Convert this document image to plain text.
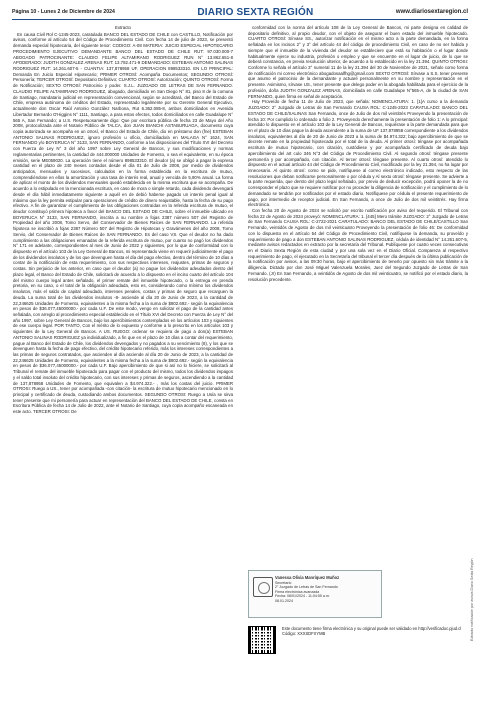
Página 10 - Lunes 2 de Diciembre de 2024	DIARIO SEXTA REGIÓN	www.diariosextaregion.cl

Extracto

En causa Civil Rol C-1245-2023, caratulada BANCO DEL ESTADO DE CHILE con CASTILLO, Notificación por avisos, conforme al artículo 54 del Código de Procedimiento Civil. Con fecha 14 de julio de 2023, se presentó demanda especial hipotecaria, del siguiente tenor: CODIGO: A-08 MATERIA: JUICIO ESPECIAL HIPOTECARIO PROCEDIMIENTO EJECUTIVO DEMANDANTE BANCO DEL ESTADO DE CHILE RUT: 97.030.000-7 ABOGADO PATROCINANTE: CLAUDIO FELIPE ALTAMIRANO RODRIGUEZ RUN N° 13.862.651-8 APODERADO: JUDITH GONZALEZ ARENAS RUT: 13.782.471-9 DEMANDADO: ESTEBAN ANTONIO SALINAS RODRIGUEZ RUT: 14.261.607-5 - CUANTIA: 137,878958 UF. OPERACION 898533310. EN LO PRINCIPAL: Demanda En Juicio Especial Hipotecario; PRIMER OTROSÍ: Acompaña Documentos; SEGUNDO OTROSÍ: Personería; TERCER OTROSÍ: Depositario Definitivo; CUARTO OTROSÍ: Autorización; QUINTO OTROSÍ: Forma de Notificación; SEXTO OTROSÍ: Patrocinio y poder. S.J.L. JUZGADO DE LETRAS DE SAN FERNANDO. CLAUDIO FELIPE ALTAMIRANO RODRIGUEZ, abogado, domiciliado en San Diego N° 81, piso 8 de la comuna de Santiago, mandatario judicial en representación convencional, según se acreditará, del Banco del Estado de Chile, empresa autónoma de créditos del Estado, representado legalmente por su Gerente General Ejecutivo, actualmente don Oscar Raúl Antonio González Narbona, Rut 6.362.085-8, ambos domiciliados en Avenida Libertador Bernardo O'Higgins N° 1111, Santiago, a para estos efectos, todos domiciliados en calle Guadalupe N° 565 A, San Fernando; a U.S. Respetuosamente digo: Que por escritura pública de fecha 23 de Mayo del Año 2008, protocolizada ante el Notario Público de TALCA, don JUAN BIANCHI ASTABURUAGA, documento cuya copia autorizada se acompaña en un otrosí, el Banco del Estado de Chile, dio en préstamo don (fne) ESTEBAN ANTONIO SALINAS RODRIGUEZ, ignoro profesión u oficio, domiciliado/a en MALAGA N° 1624, SAN FERNANDO y/o BOYERUCA N° 3133, SAN FERNANDO, conforme a las disposiciones del Título XVI del Decreto con Fuerza de Ley N° 3 del año 1997 sobre Ley General de Bancos, y sus modificaciones y normas reglamentarias pertinentes, la cantidad de 444.000000 Unidades de Fomento, o sea el equivalente, en su época emisión, serie ME059020. La operación tiene el número 898533310. El deudor (a) se obligó a pagar la expresa cantidad en el plazo de 240 meses contados desde el día 01 de Julio de 2008, por medio de dividendos anticipados, mensuales y sucesivos, calculados en la forma establecida en la escritura de mutuo, comprendiéndose en ellos la amortización y una tasa de interés real, anual y vencida de 5,90% anual. La forma de aplicar el monto de los dividendos mensuales quedó establecida en la misma escritura que se acompaña. De acuerdo a lo estipulado en la mencionada escritura, en caso de mora o simple retardo, cada dividendo devengará desde el día hábil inmediatamente siguiente a aquél en de debió haberse pagado un interés penal igual al máximo que la ley permita estipular para operaciones de crédito de dinero reajustable, hasta la fecha de su pago efectivo. A fin de garantizar el cumplimiento de las obligaciones contraídas en la referida escritura de mutuo, el deudor constituyó primera hipoteca a favor del BANCO DEL ESTADO DE CHILE, sobre el inmueble ubicado en BOYERUCA N° 3133, SAN FERNANDO, inscrita a su nombre a fojas 2387 número 507 del Registro de Propiedad del año 2008, Tomo Servo, del Conservador de Bienes Raíces de SAN FERNANDO. La referida hipoteca se inscribió a fojas 2387 Número 507 del Registro de Hipotecas y Gravámenes del año 2008, Tomo Servio, del Conservador de Bienes Raíces de SAN FERNANDO. Es del caso VS. Que el deudor no ha dado cumplimiento a las obligaciones emanadas de la referida escritura de mutuo, por cuanto no pagó los dividendos N° 171 en adelante, correspondientes al mes de Junio de 2022 y siguientes, por lo que de conformidad con lo dispuesto en el artículo 103 de la Ley General de Bancos, mi representado viene en requerir judicialmente el pago de los dividendos insolutos y de los que devenguen hasta el día del pago efectivo, dentro del término de 10 días a contar de la notificación de esta requerimiento, con sus respectivos intereses, reajustes, primas de seguros y costas. Sin perjuicio de los anterior, en caso que el deudor (a) no pague los dividendos adeudados dentro del plazo legal, el Banco del Estado de Chile, solicitará de acuerdo a lo dispuesto en el inciso cuarto del artículo 104 del mismo cuerpo legal antes señalado, el primer remate del inmueble hipotecado, o la entrega en prenda pretoria, en su caso, o el total de la obligación adeudada, esto es, considerando como mínimo los dividendos insolutos, más el saldo de capital adeudado, intereses penales, costas y primas de seguro que recarguen la deuda. La suma total de los dividendos insolutos -8- asciende al día 20 de Junio de 2023, a la cantidad de 22,246625 Unidades de Fomento, equivalentes a la misma fecha a la suma de $802.692.- según la equivalencia en pesos de $36.077,45000000.- por cada U.F. De este modo, vengo en solicitar el pago de la cantidad antes señalada, con arreglo al procedimiento especial establecido en el Título XVI del Decreto con Fuerza de Ley N° del año 1997, sobre Ley General de Bancos, bajo los apercibimientos contemplados en los artículos 103 y siguientes de ese cuerpo legal. POR TANTO, Con el mérito de lo expuesto y conforme a lo prescrito en los artículos 103 y siguientes de la Ley General de Bancos. A US. RUEGO: ordenar se requiera de pago a don(a) ESTEBAN ANTONIO SALINAS RODRIGUEZ ya individualizado, a fin que en el plazo de 10 días a contar del requerimiento, pague al Banco del Estado de Chile, los dividendos devengados y no pagados a su vencimiento (8), y los que se devenguen hasta la fecha de pago efectivo, del crédito hipotecario referido, más los intereses correspondientes a las primas de seguros contratados, que ascienden al día asciende al día 20 de Junio de 2023, a la cantidad de 22,246625 Unidades de Fomento, equivalentes a la misma fecha a la suma de $802.692.- según la equivalencia en pesos de $36.077,45000000.- por cada U.F. Bajo apercibimiento de que si así no lo hiciere, se solicitará al Tribunal el remate del inmueble hipotecado para pagar con el producto del mismo, todos los dividendos impagos y el saldo total insoluto del crédito hipotecario, con sus intereses y primas de seguros, ascendiendo a la cantidad de 137,878958 Unidades de Fomento, que equivalen a $4.974.322.- , más los costas del juicio. PRIMER OTROSI: Ruego a US., tener por acompañada -con citación- la escritura de mutuo hipotecario mencionado en lo principal y certificado de deuda, custodiando ambos documentos. SEGUNDO OTROSI: Ruego a Usía se sirva tener presente que mi personería para actuar en representación del BANCO DEL ESTADO DE CHILE, consta en Escritura Pública de fecha 14 de Julio de 2022, ante el Notario de Santiago, cuya copia acompaño escaneada en este acto. TERCER OTROSI: De

conformidad con la norma del artículo 108 de la Ley General de Bancos, mi parte designa en calidad de depositario definitivo, al propio deudor, con el objeto de asegurar el buen estado del inmueble hipotecado. CUARTO OTROSÍ: Sírvase SS., autorizar notificación en el mismo acto a la parte demandada, en la forma señalada en los incisos 2° y 3° del artículo 44 del código de procedimiento Civil, en caso de no ser habida y siempre que el inmueble de la vivienda del deudor se estableciere que está su habitación o el lugar donde habitualmente ejerce su industria, profesión o empleo y que se encuentre en el lugar de juicio, de lo que se deberá constancia, en previa resolución ulterior, de acuerdo a lo establecido en la ley 21.394. QUINTO OTROSI: Conforme lo señala el artículo 3° numeral 11 de la ley 21.394 del 30 de Noviembre de 2021, señalo como forma de notificación mi correo electrónico abogadosaalfhg@gmail.com SEXTO OTROSÍ: Sírvase a S.S. tener presente que asumo el patrocinio de la demandante y actuaré personalmente en su nombre y representación en el presente. Asimismo, sírvase US., tener presente que delego poder en la abogada habilitada para el ejercicio de la profesión, doña JUDITH GONZALEZ ARENAS, domiciliada en calle Guadalupe N°565-A, de la ciudad de SAN FERNANDO, quien firma en señal de aceptación.

Hay Proveído de fecha 11 de Julio de 2023, que señala: NOMENCLATURA: 1. [1]A curso a la demanda JUZGADO: 2° Juzgado de Letras de San Fernando CAUSA ROL: C-1245-2023 CARATULADO: BANCO DEL ESTADO DE CHILE/SALINAS San Fernando, once de Julio de dos mil veintitrés Proveyendo la presentación de fecha 10: Por cumplido lo ordenado a folio 2. Proveyendo derechamente la presentación de folio 1: A lo principal: atendido lo dispuesto en el artículo 103 de la Ley General de Bancos, requiérase a la parte demandada para que en el plazo de 10 días pague la deuda ascendente a la suma de UF 137,878958 correspondiente a los dividendos insolutos, equivalentes al día de 20 de Junio de 2023 a la suma de $4.974.322; bajo apercibimiento de que se decrete remate en la propiedad hipotecada por el total de la deuda. Al primer otrosí: téngase por acompañada escritura de mutuo hipotecario, con citación, custódiese y por acompañado certificado de deuda bajo apercibimiento del art culo 346 N°3 del Código de Procedimiento Civil. Al segundo otrosí: téngase presente personería y por acompañado, con citación. Al tercer otrosí: téngase presente. Al cuarto otrosí: atendido lo dispuesto en el actual artículo 44 del Código de Procedimiento Civil, modificado por la ley 21.394, no ha lugar por innecesario. Al quinto otrosí: como se pide, notifíquese al correo electrónico indicado, esto respecto de las resoluciones que deban notificarse personalmente o por cédula y Al sexto otrosí: téngase presente. Se advierte a la parte requerida, que dentro del plazo legal señalado, por previo de deducir excepción, podrá oponer la de no corresponder el plazo que se requiere notificar por no proceder la diligencia de notificación y el cumplimiento de lo demandado se tendrán por notificados por el estado diario. Notifíquese por cédula el presente requerimiento de pago, por intermedio de receptor judicial. En San Fernando, a once de Julio de dos mil veintitrés. Hay firma electrónica.

Con fecha 20 de Agosto de 2024 se solicitó por escrito notificación por aviso del requerido. El Tribunal con fecha 22 de Agosto de 2024 proveyó: NOMENCLATURA: 1. [445] Mero trámite JUZGADO: 2° Juzgado de Letras de San Fernando CAUSA ROL: C-2722-2021 CARATULADO: BANCO DEL ESTADO DE CHILE/CASTILLO San Fernando, veintidós de Agosto de dos mil veinticuatro Proveyendo la presentación de folio 46: De conformidad con lo dispuesto en el artículo 54 del Código de Procedimiento Civil, notifíquese la demanda, su proveído y requerimiento de pago a don ESTEBAN ANTONIO SALINAS RODRIGUEZ, cédula de identidad N° 14.261.607-5, mediante avisos redactados en extracto por la secretaría del Tribunal. Publíquese por cuatro veces consecutivas en el Diario Sexta Región de esta ciudad y por una sola vez en el Diario Oficial. Compareza al respectivo requerimiento de pago, el ejecutado en la Secretaría del tribunal el tercer día después de la última publicación de la notificación por avisos, a las 09:30 horas, bajo el apercibimiento de tenerlo por opuesto sin más trámite a la diligencia. Dictado por don José Miguel Valenzuela Morales, Juez del Segundo Juzgado de Letras de San Fernando. (Jr) En San Fernando, a veintidós de Agosto de dos mil veinticuatro, se notificó por el estado diario, la resolución precedente.

Vanessa Olivia Manríquez Muñoz
Secretario
2° Juzgado de Letras de San Fernando
Firma electrónica avanzada
Fecha: 08/01/2024 - 11:04:55 a.m.
08.01.2024
Este documento tiene firma electrónica y su original puede ser validado en http://verificadoc.pjud.cl
Código: XXXSDFXYMB	Extracto notificación por avisos Diario Sexta Región
